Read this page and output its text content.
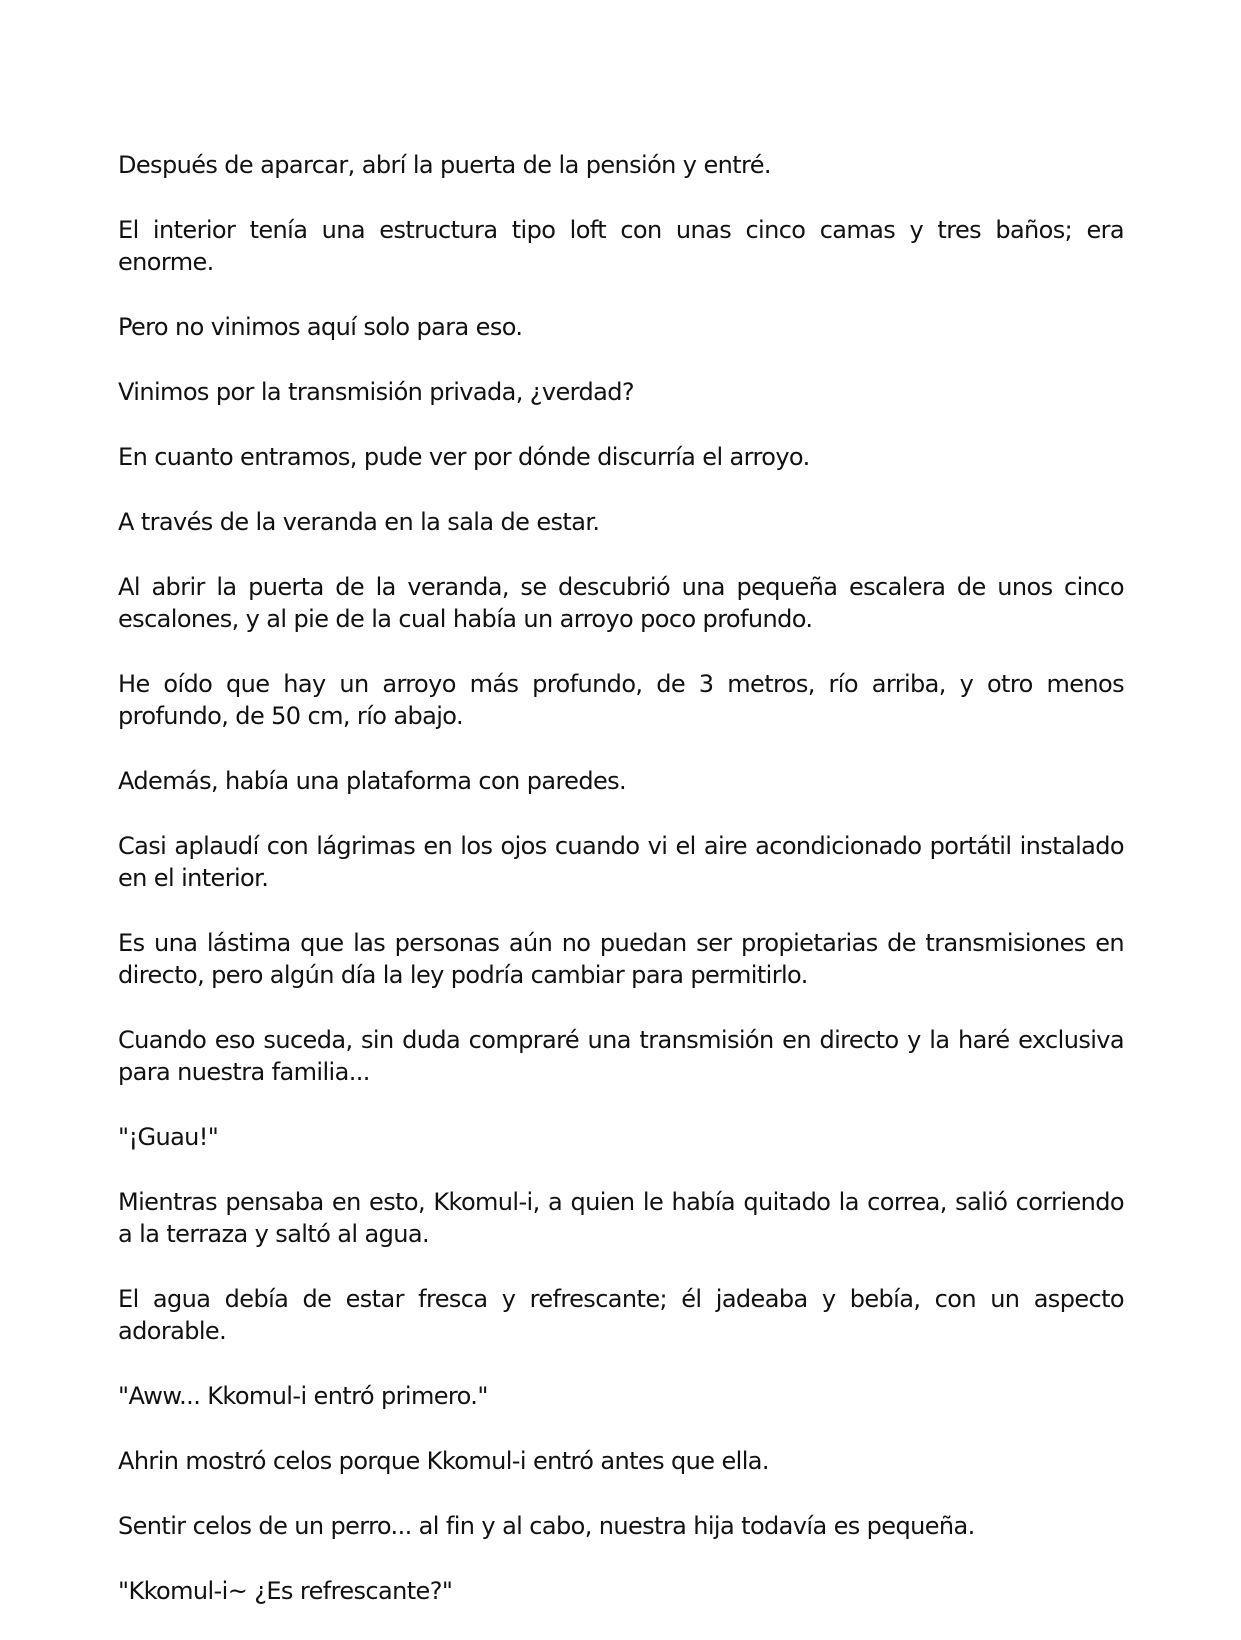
Después de aparcar, abrí la puerta de la pensión y entré.

El interior tenía una estructura tipo loft con unas cinco camas y tres baños; era enorme.

Pero no vinimos aquí solo para eso.

Vinimos por la transmisión privada, ¿verdad?

En cuanto entramos, pude ver por dónde discurría el arroyo.

A través de la veranda en la sala de estar.

Al abrir la puerta de la veranda, se descubrió una pequeña escalera de unos cinco escalones, y al pie de la cual había un arroyo poco profundo.

He oído que hay un arroyo más profundo, de 3 metros, río arriba, y otro menos profundo, de 50 cm, río abajo.

Además, había una plataforma con paredes.

Casi aplaudí con lágrimas en los ojos cuando vi el aire acondicionado portátil instalado en el interior.

Es una lástima que las personas aún no puedan ser propietarias de transmisiones en directo, pero algún día la ley podría cambiar para permitirlo.

Cuando eso suceda, sin duda compraré una transmisión en directo y la haré exclusiva para nuestra familia...

"¡Guau!"

Mientras pensaba en esto, Kkomul-i, a quien le había quitado la correa, salió corriendo a la terraza y saltó al agua.

El agua debía de estar fresca y refrescante; él jadeaba y bebía, con un aspecto adorable.

"Aww... Kkomul-i entró primero."

Ahrin mostró celos porque Kkomul-i entró antes que ella.

Sentir celos de un perro... al fin y al cabo, nuestra hija todavía es pequeña.

"Kkomul-i~ ¿Es refrescante?"
